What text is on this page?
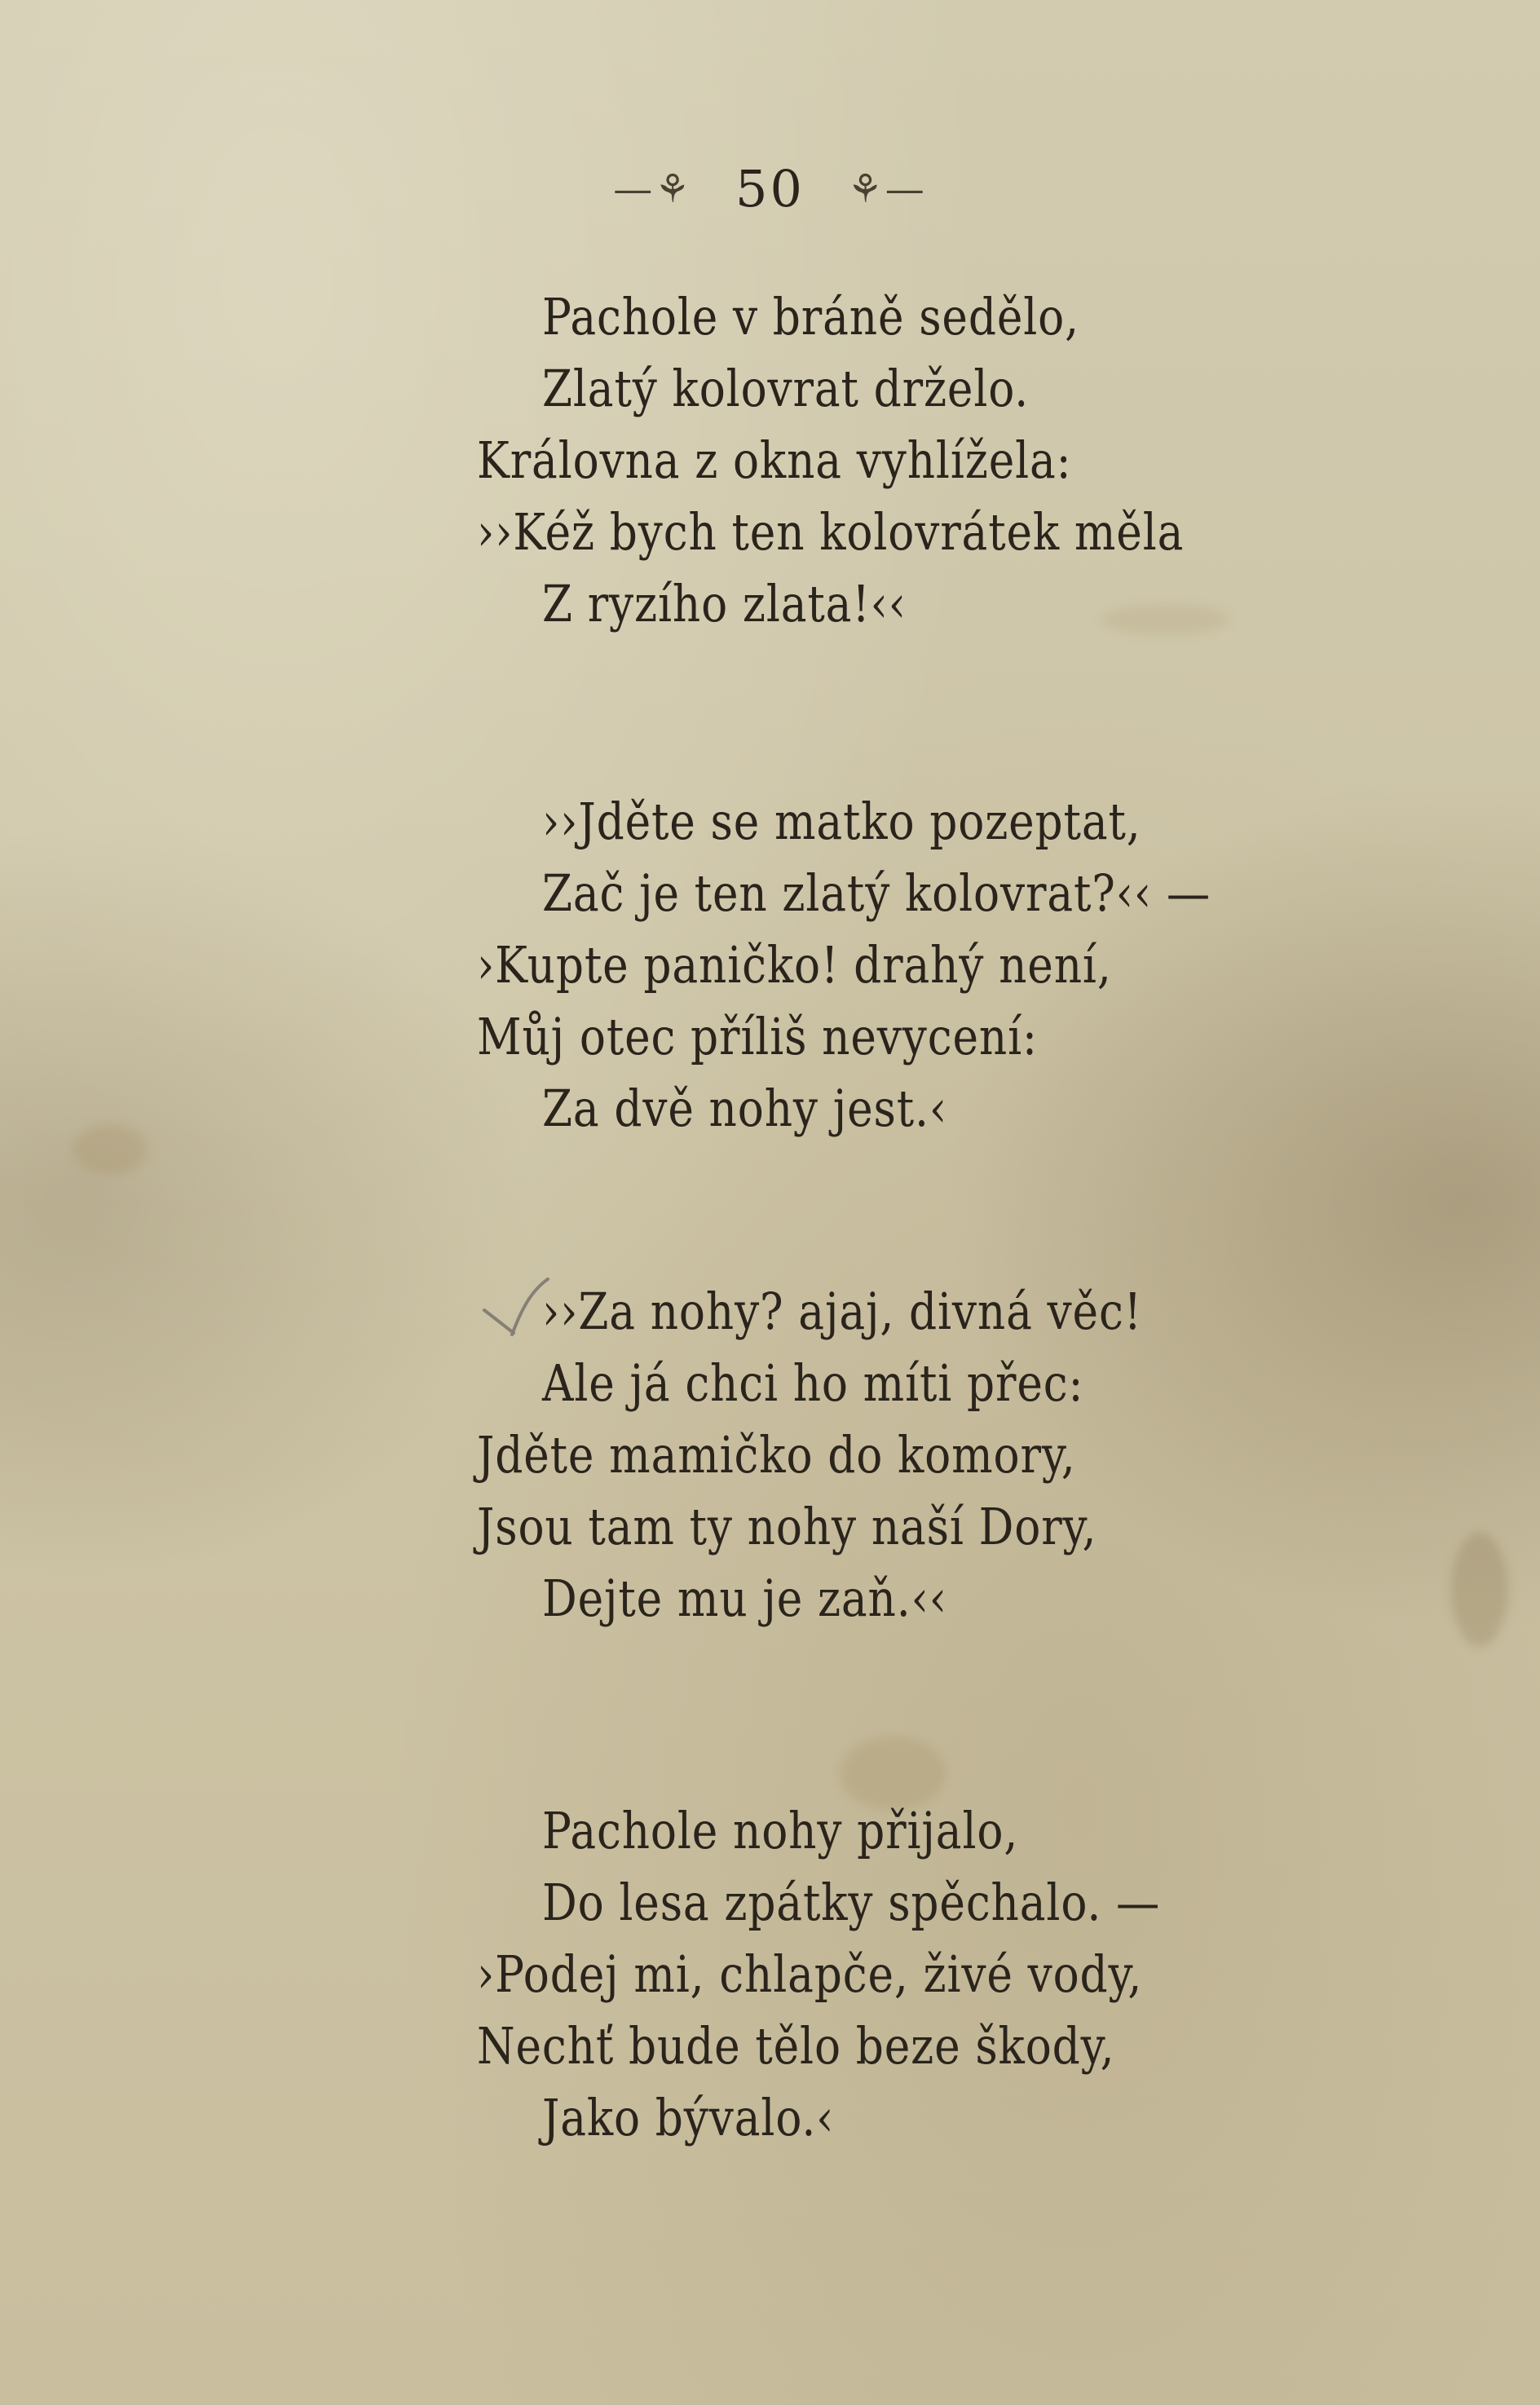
—⚘ 50 ⚘—
Pachole v bráně sedělo,
Zlatý kolovrat drželo.
Královna z okna vyhlížela:
››Kéž bych ten kolovrátek měla
Z ryzího zlata!‹‹
››Jděte se matko pozeptat,
Zač je ten zlatý kolovrat?‹‹ —
›Kupte paničko! drahý není,
Můj otec příliš nevycení:
Za dvě nohy jest.‹
››Za nohy? ajaj, divná věc!
Ale já chci ho míti přec:
Jděte mamičko do komory,
Jsou tam ty nohy naší Dory,
Dejte mu je zaň.‹‹
Pachole nohy přijalo,
Do lesa zpátky spěchalo. —
›Podej mi, chlapče, živé vody,
Nechť bude tělo beze škody,
Jako bývalo.‹
